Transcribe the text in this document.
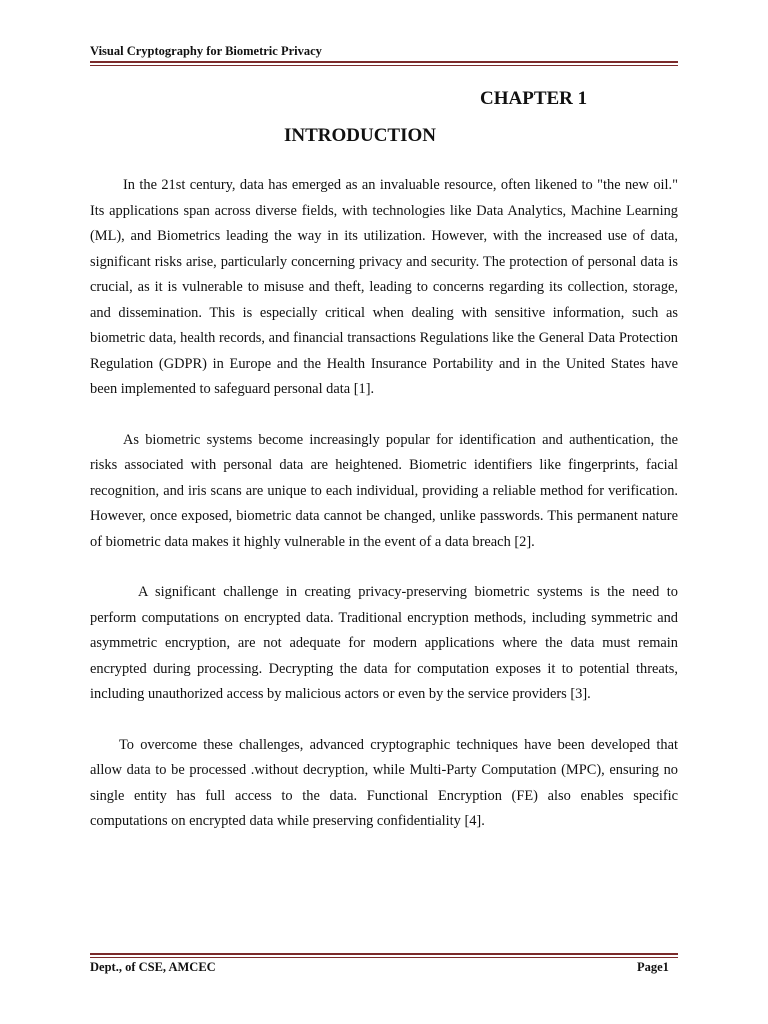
Visual Cryptography for Biometric Privacy
CHAPTER 1
INTRODUCTION

In the 21st century, data has emerged as an invaluable resource, often likened to "the new oil." Its applications span across diverse fields, with technologies like Data Analytics, Machine Learning (ML), and Biometrics leading the way in its utilization. However, with the increased use of data, significant risks arise, particularly concerning privacy and security. The protection of personal data is crucial, as it is vulnerable to misuse and theft, leading to concerns regarding its collection, storage, and dissemination. This is especially critical when dealing with sensitive information, such as biometric data, health records, and financial transactions Regulations like the General Data Protection Regulation (GDPR) in Europe and the Health Insurance Portability and in the United States have been implemented to safeguard personal data [1].

As biometric systems become increasingly popular for identification and authentication, the risks associated with personal data are heightened. Biometric identifiers like fingerprints, facial recognition, and iris scans are unique to each individual, providing a reliable method for verification. However, once exposed, biometric data cannot be changed, unlike passwords. This permanent nature of biometric data makes it highly vulnerable in the event of a data breach [2].

A significant challenge in creating privacy-preserving biometric systems is the need to perform computations on encrypted data. Traditional encryption methods, including symmetric and asymmetric encryption, are not adequate for modern applications where the data must remain encrypted during processing. Decrypting the data for computation exposes it to potential threats, including unauthorized access by malicious actors or even by the service providers [3].

To overcome these challenges, advanced cryptographic techniques have been developed that allow data to be processed .without decryption, while Multi-Party Computation (MPC), ensuring no single entity has full access to the data. Functional Encryption (FE) also enables specific computations on encrypted data while preserving confidentiality [4].

Dept., of CSE, AMCEC	Page1
